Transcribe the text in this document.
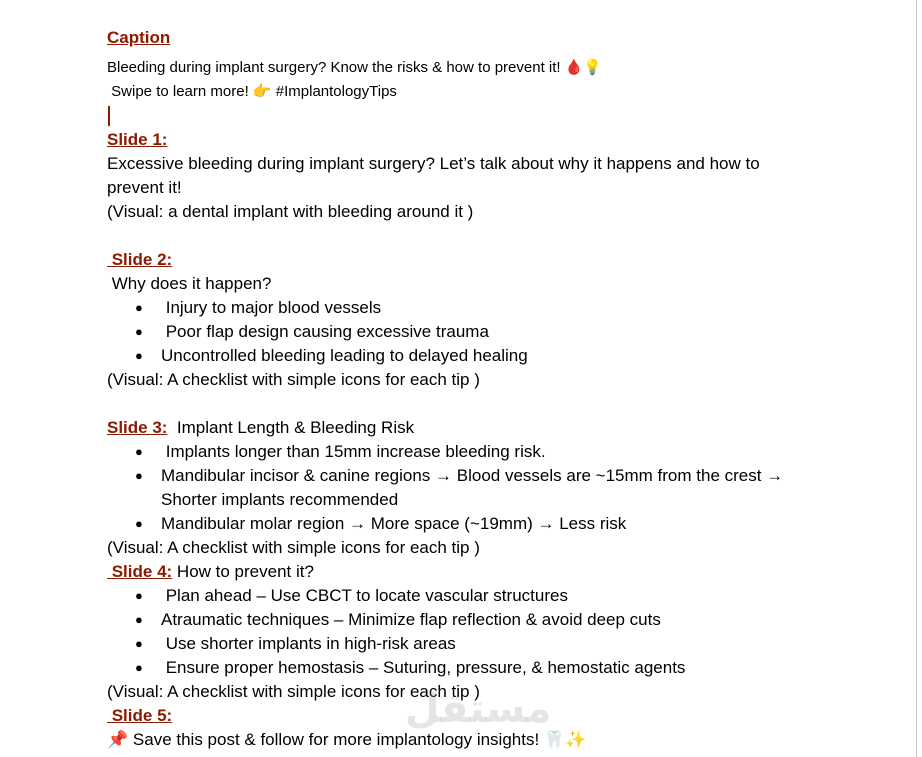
Caption
Bleeding during implant surgery? Know the risks & how to prevent it! 🩸💡
Swipe to learn more! 👉 #ImplantologyTips
Slide 1:
Excessive bleeding during implant surgery? Let’s talk about why it happens and how to
prevent it!
(Visual: a dental implant with bleeding around it )
Slide 2:
Why does it happen?
●  Injury to major blood vessels
●  Poor flap design causing excessive trauma
● Uncontrolled bleeding leading to delayed healing
(Visual: A checklist with simple icons for each tip )
Slide 3:  Implant Length & Bleeding Risk
●  Implants longer than 15mm increase bleeding risk.
● Mandibular incisor & canine regions → Blood vessels are ~15mm from the crest → Shorter implants recommended
● Mandibular molar region → More space (~19mm) → Less risk
(Visual: A checklist with simple icons for each tip )
Slide 4: How to prevent it?
●  Plan ahead – Use CBCT to locate vascular structures
● Atraumatic techniques – Minimize flap reflection & avoid deep cuts
●  Use shorter implants in high-risk areas
●  Ensure proper hemostasis – Suturing, pressure, & hemostatic agents
(Visual: A checklist with simple icons for each tip )
Slide 5:
📌 Save this post & follow for more implantology insights! 🦷✨
مستقل
